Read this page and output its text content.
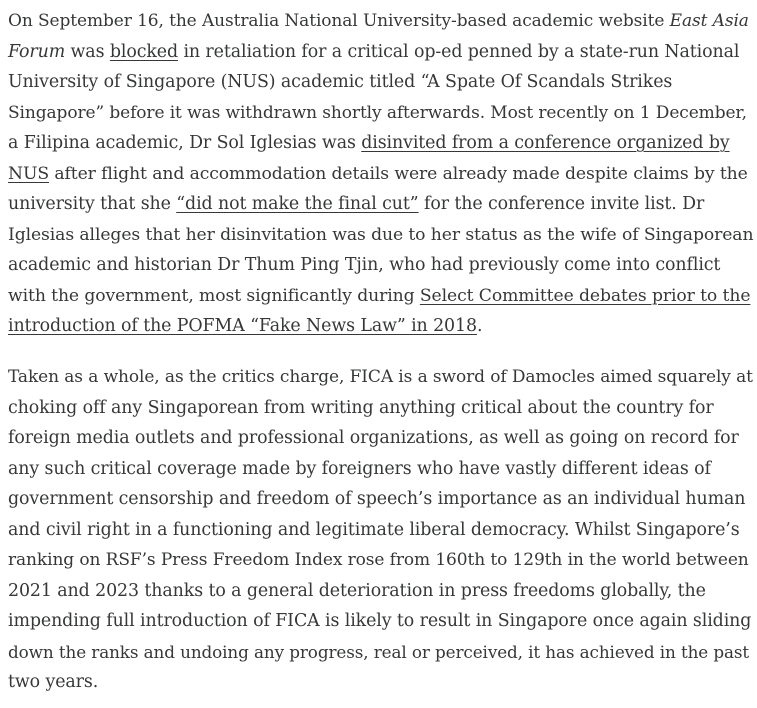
On September 16, the Australia National University-based academic website East Asia
Forum was blocked in retaliation for a critical op-ed penned by a state-run National
University of Singapore (NUS) academic titled “A Spate Of Scandals Strikes
Singapore” before it was withdrawn shortly afterwards. Most recently on 1 December,
a Filipina academic, Dr Sol Iglesias was disinvited from a conference organized by
NUS after flight and accommodation details were already made despite claims by the
university that she “did not make the final cut” for the conference invite list. Dr
Iglesias alleges that her disinvitation was due to her status as the wife of Singaporean
academic and historian Dr Thum Ping Tjin, who had previously come into conflict
with the government, most significantly during Select Committee debates prior to the
introduction of the POFMA “Fake News Law” in 2018.

Taken as a whole, as the critics charge, FICA is a sword of Damocles aimed squarely at
choking off any Singaporean from writing anything critical about the country for
foreign media outlets and professional organizations, as well as going on record for
any such critical coverage made by foreigners who have vastly different ideas of
government censorship and freedom of speech’s importance as an individual human
and civil right in a functioning and legitimate liberal democracy. Whilst Singapore’s
ranking on RSF’s Press Freedom Index rose from 160th to 129th in the world between
2021 and 2023 thanks to a general deterioration in press freedoms globally, the
impending full introduction of FICA is likely to result in Singapore once again sliding
down the ranks and undoing any progress, real or perceived, it has achieved in the past
two years.
